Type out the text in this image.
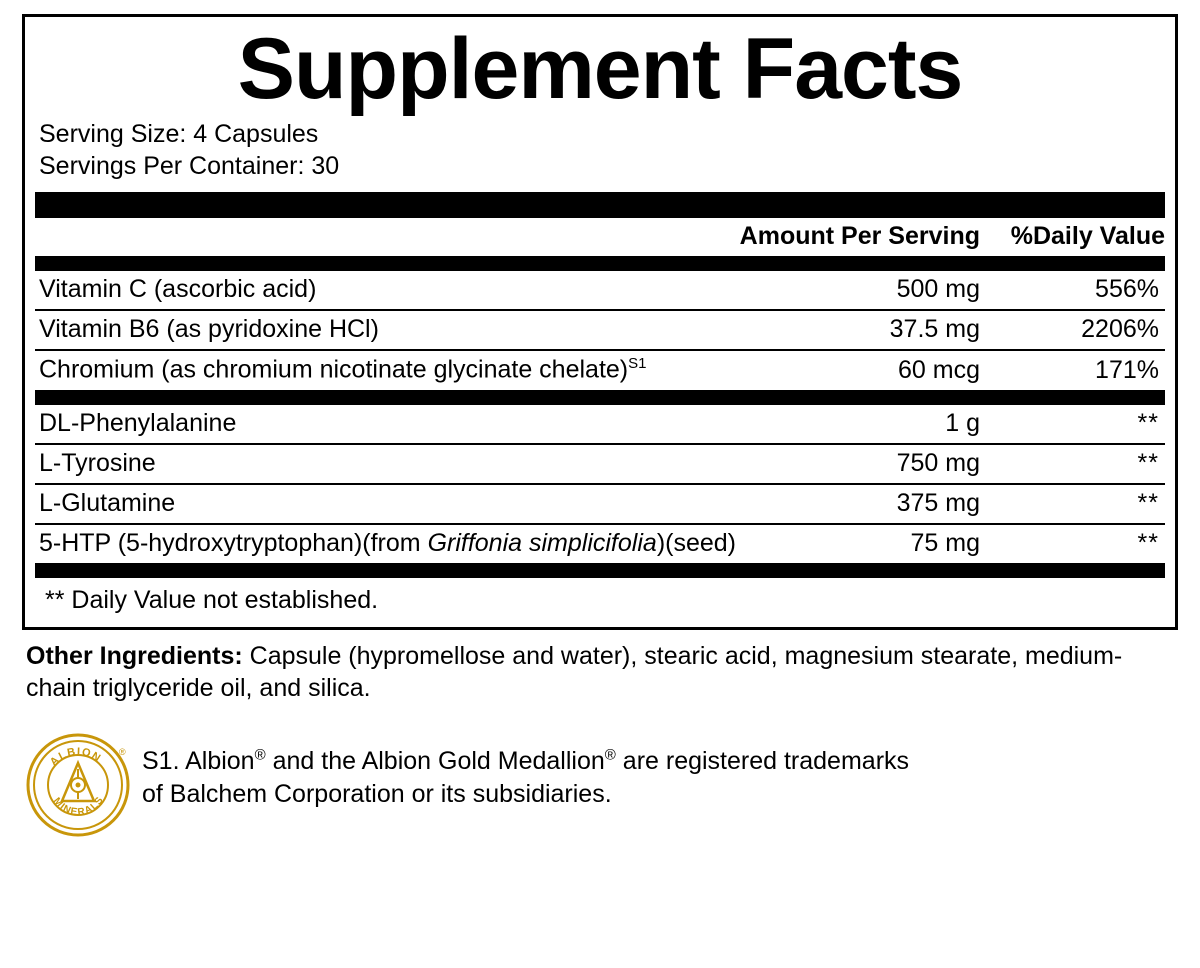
Supplement Facts
Serving Size: 4 Capsules
Servings Per Container: 30
	Amount Per Serving	%Daily Value
Vitamin C (ascorbic acid)	500 mg	556%
Vitamin B6 (as pyridoxine HCl)	37.5 mg	2206%
Chromium (as chromium nicotinate glycinate chelate)$^{S1}$	60 mcg	171%
DL-Phenylalanine	1 g	**
L-Tyrosine	750 mg	**
L-Glutamine	375 mg	**
5-HTP (5-hydroxytryptophan)(from Griffonia simplicifolia)(seed)	75 mg	**
** Daily Value not established.
Other Ingredients: Capsule (hypromellose and water), stearic acid, magnesium stearate, medium-chain triglyceride oil, and silica.
ALBION
MINERALS
® S1. Albion® and the Albion Gold Medallion® are registered trademarks
of Balchem Corporation or its subsidiaries.
